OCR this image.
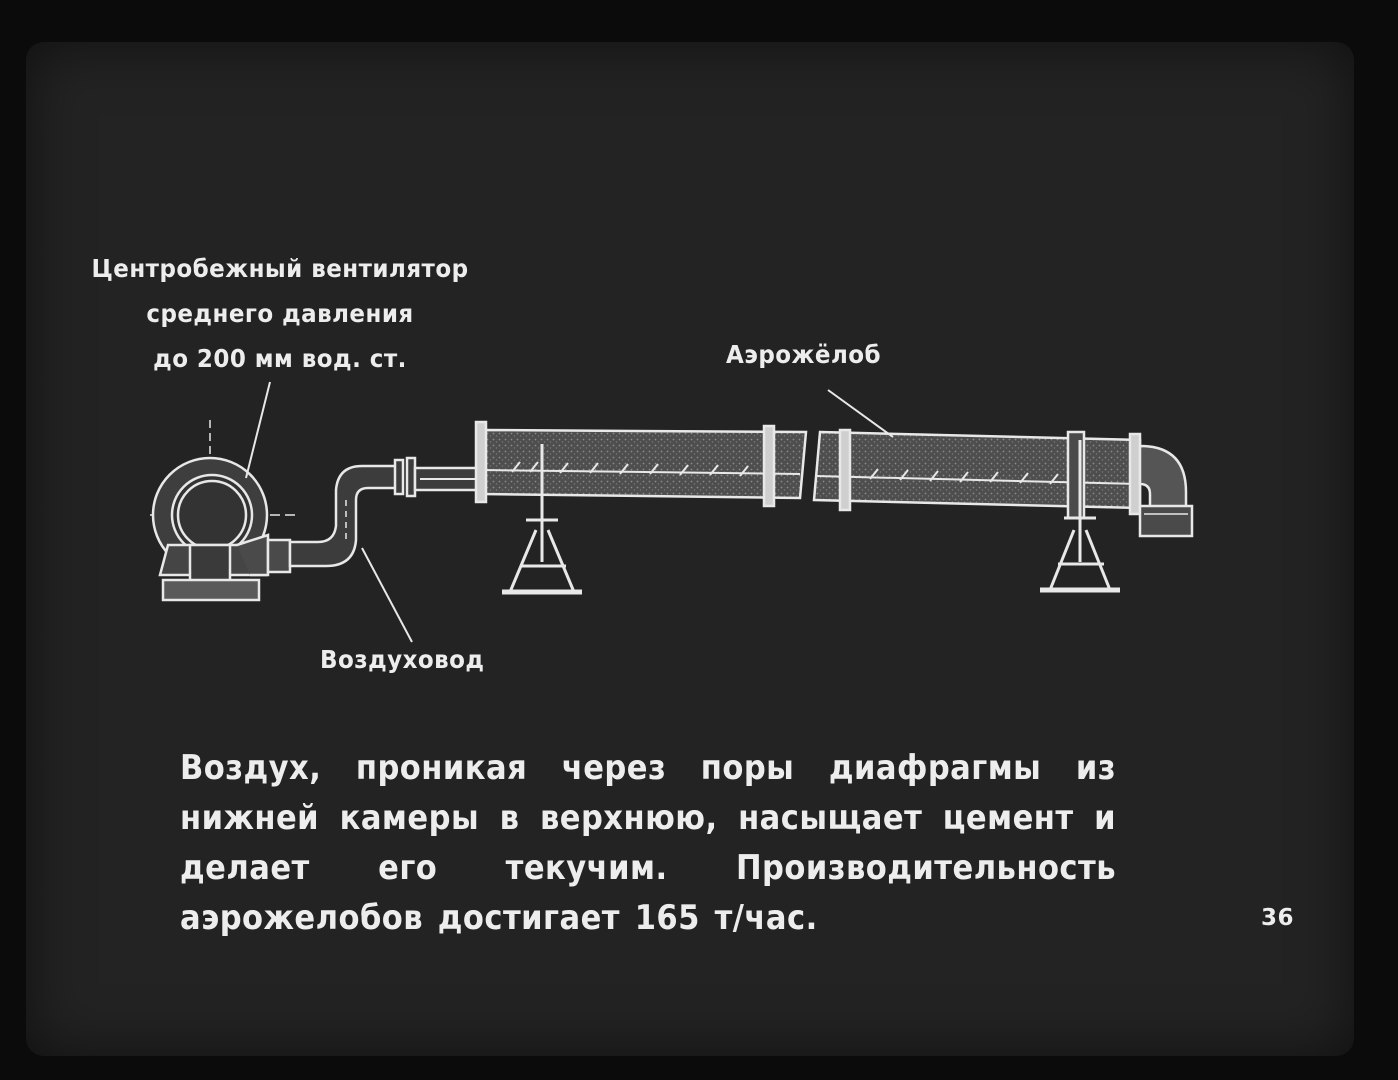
Центробежный вентилятор
среднего давления
до 200 мм вод. ст.	Аэрожёлоб
Воздуховод
Воздух, проникая через поры диафрагмы из нижней камеры в верхнюю, насыщает цемент и делает его текучим. Производительность аэрожелобов достигает 165 т/час.	36
